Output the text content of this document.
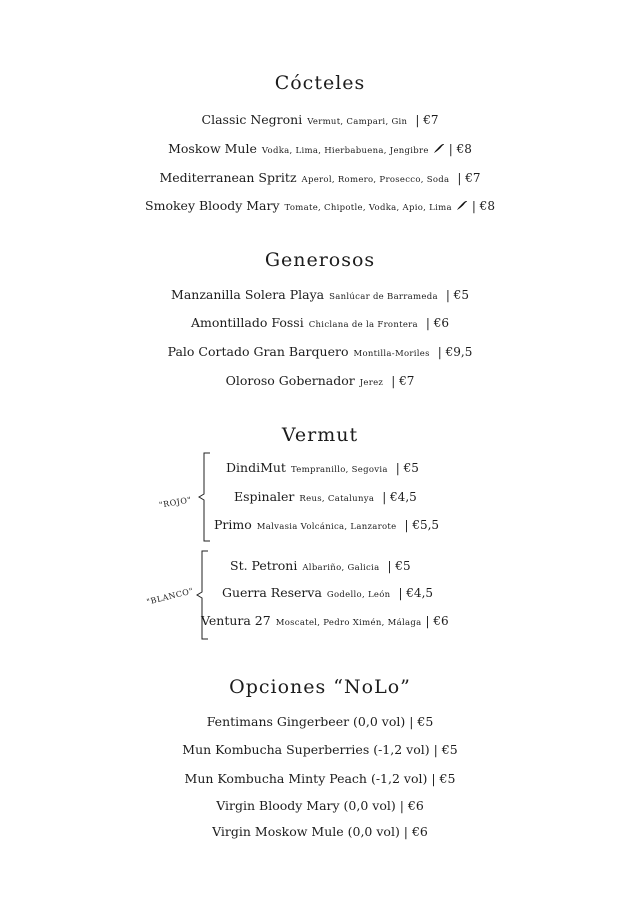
Cócteles
Classic Negroni Vermut, Campari, Gin | €7
Moskow Mule Vodka, Lima, Hierbabuena, Jengibre | €8
Mediterranean Spritz Aperol, Romero, Prosecco, Soda | €7
Smokey Bloody Mary Tomate, Chipotle, Vodka, Apio, Lima | €8
Generosos
Manzanilla Solera Playa Sanlúcar de Barrameda | €5
Amontillado Fossi Chiclana de la Frontera | €6
Palo Cortado Gran Barquero Montilla-Moriles | €9,5
Oloroso Gobernador Jerez | €7
Vermut
"ROJO"
DindiMut Tempranillo, Segovia | €5
Espinaler Reus, Catalunya | €4,5
Primo Malvasia Volcánica, Lanzarote | €5,5
"BLANCO"
St. Petroni Albariño, Galicia | €5
Guerra Reserva Godello, León | €4,5
Ventura 27 Moscatel, Pedro Ximén, Málaga | €6
Opciones “NoLo”
Fentimans Gingerbeer (0,0 vol) | €5
Mun Kombucha Superberries (-1,2 vol) | €5
Mun Kombucha Minty Peach (-1,2 vol) | €5
Virgin Bloody Mary (0,0 vol) | €6
Virgin Moskow Mule (0,0 vol) | €6
